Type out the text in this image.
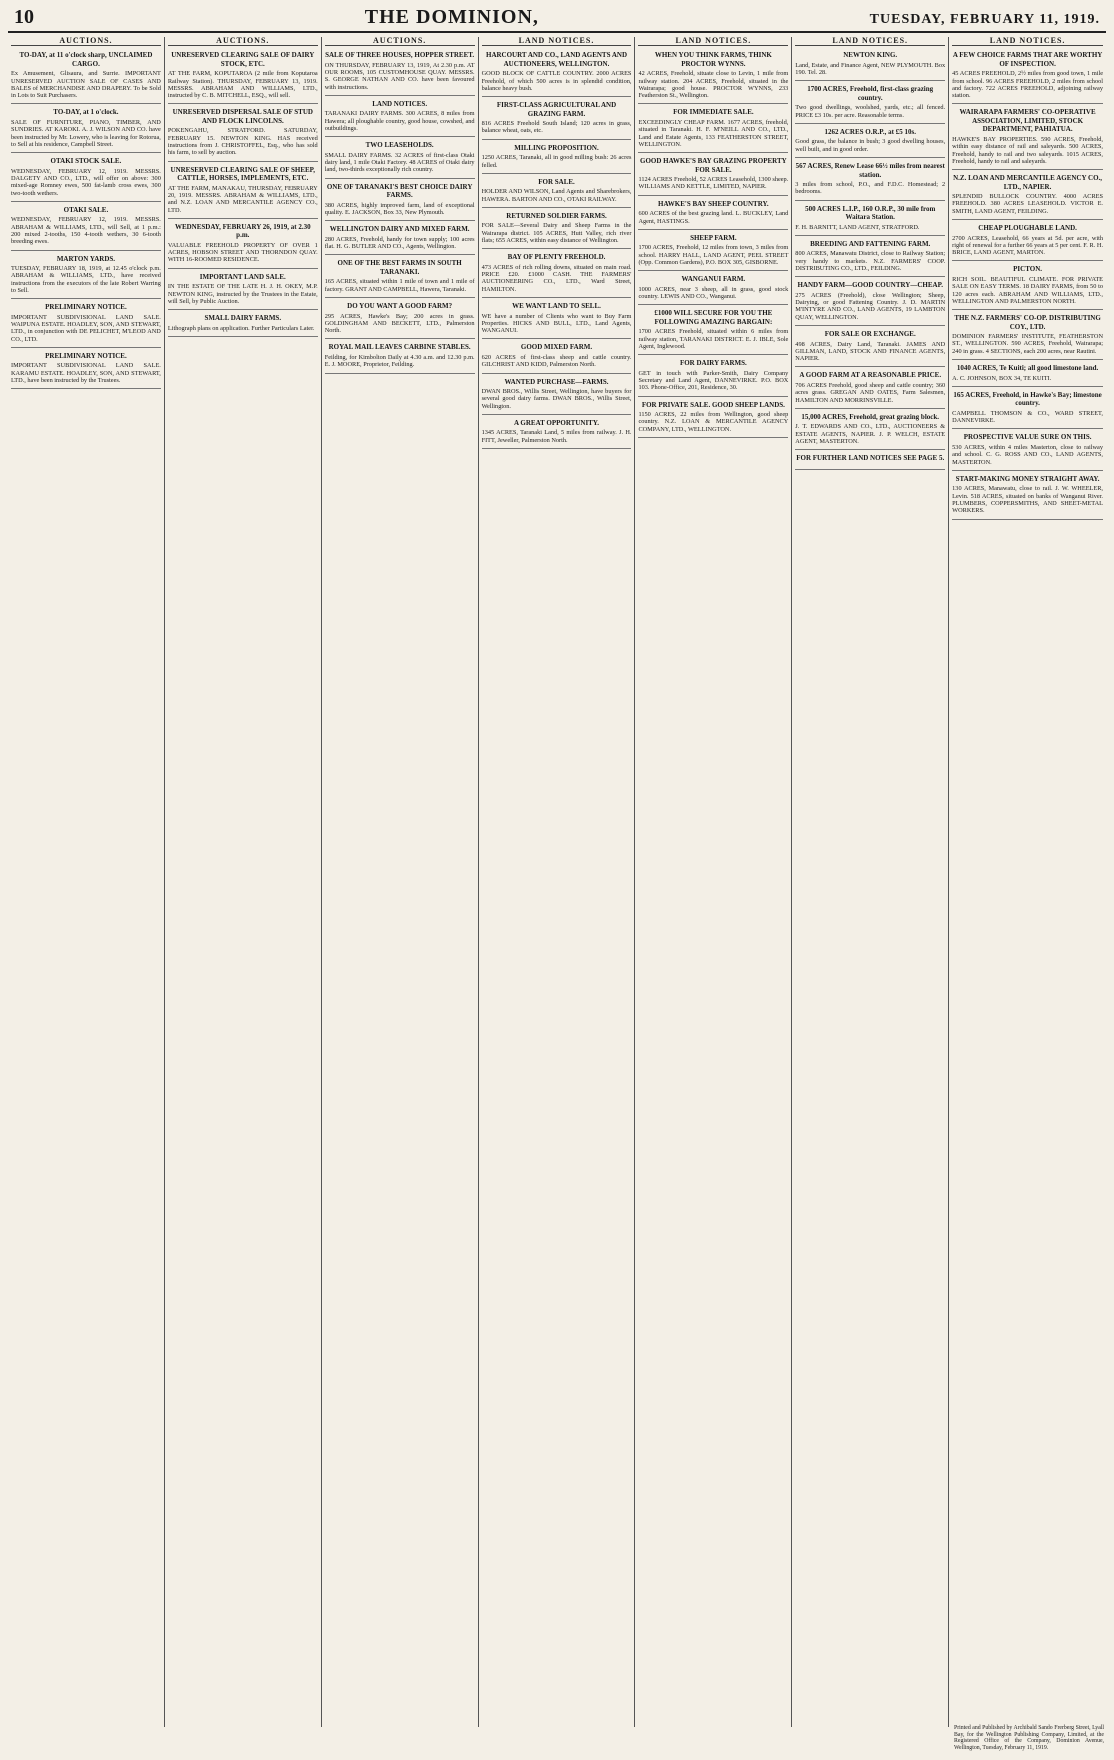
10	THE DOMINION,	TUESDAY, FEBRUARY 11, 1919.
AUCTIONS.
TO-DAY, at 11 o'clock sharp, UNCLAIMED CARGO.

Ex Amusement, Glisaura, and Surrie. IMPORTANT UNRESERVED AUCTION SALE OF CASES AND BALES of MERCHANDISE AND DRAPERY. To be Sold in Lots to Suit Purchasers.

TO-DAY, at 1 o'clock.

SALE OF FURNITURE, PIANO, TIMBER, AND SUNDRIES. AT KAROKI. A. J. WILSON AND CO. have been instructed by Mr. Lowery, who is leaving for Rotorua, to Sell at his residence, Campbell Street.

OTAKI STOCK SALE.

WEDNESDAY, FEBRUARY 12, 1919. MESSRS. DALGETY AND CO., LTD., will offer on above: 300 mixed-age Romney ewes, 500 fat-lamb cross ewes, 300 two-tooth wethers.

OTAKI SALE.

WEDNESDAY, FEBRUARY 12, 1919. MESSRS. ABRAHAM & WILLIAMS, LTD., will Sell, at 1 p.m.: 200 mixed 2-tooths, 150 4-tooth wethers, 30 6-tooth breeding ewes.

MARTON YARDS.

TUESDAY, FEBRUARY 18, 1919, at 12.45 o'clock p.m. ABRAHAM & WILLIAMS, LTD., have received instructions from the executors of the late Robert Warring to Sell.

PRELIMINARY NOTICE.

IMPORTANT SUBDIVISIONAL LAND SALE. WAIPUNA ESTATE. HOADLEY, SON, AND STEWART, LTD., in conjunction with DE PELICHET, M'LEOD AND CO., LTD.

PRELIMINARY NOTICE.

IMPORTANT SUBDIVISIONAL LAND SALE. KARAMU ESTATE. HOADLEY, SON, AND STEWART, LTD., have been instructed by the Trustees.

AUCTIONS.
UNRESERVED CLEARING SALE OF DAIRY STOCK, ETC.

AT THE FARM, KOPUTAROA (2 mile from Koputaroa Railway Station). THURSDAY, FEBRUARY 13, 1919. MESSRS. ABRAHAM AND WILLIAMS, LTD., instructed by C. B. MITCHELL, ESQ., will sell.

UNRESERVED DISPERSAL SALE OF STUD AND FLOCK LINCOLNS.

POKENGAHU, STRATFORD. SATURDAY, FEBRUARY 15. NEWTON KING. HAS received instructions from J. CHRISTOFFEL, Esq., who has sold his farm, to sell by auction.

UNRESERVED CLEARING SALE OF SHEEP, CATTLE, HORSES, IMPLEMENTS, ETC.

AT THE FARM, MANAKAU, THURSDAY, FEBRUARY 20, 1919. MESSRS. ABRAHAM & WILLIAMS, LTD., and N.Z. LOAN AND MERCANTILE AGENCY CO., LTD.

WEDNESDAY, FEBRUARY 26, 1919, at 2.30 p.m.

VALUABLE FREEHOLD PROPERTY OF OVER 1 ACRES, HOBSON STREET AND THORNDON QUAY. WITH 16-ROOMED RESIDENCE.

IMPORTANT LAND SALE.

IN THE ESTATE OF THE LATE H. J. H. OKEY, M.P. NEWTON KING, instructed by the Trustees in the Estate, will Sell, by Public Auction.

SMALL DAIRY FARMS.

Lithograph plans on application. Further Particulars Later.

AUCTIONS.
SALE OF THREE HOUSES, HOPPER STREET.

ON THURSDAY, FEBRUARY 13, 1919, At 2.30 p.m. AT OUR ROOMS, 105 CUSTOMHOUSE QUAY. MESSRS. S. GEORGE NATHAN AND CO. have been favoured with instructions.

LAND NOTICES.

TARANAKI DAIRY FARMS. 300 ACRES, 8 miles from Hawera; all ploughable country, good house, cowshed, and outbuildings.

TWO LEASEHOLDS.

SMALL DAIRY FARMS. 32 ACRES of first-class Otaki dairy land, 1 mile Otaki Factory. 48 ACRES of Otaki dairy land, two-thirds exceptionally rich country.

ONE OF TARANAKI'S BEST CHOICE DAIRY FARMS.

380 ACRES, highly improved farm, land of exceptional quality. E. JACKSON, Box 33, New Plymouth.

WELLINGTON DAIRY AND MIXED FARM.

280 ACRES, Freehold, handy for town supply; 100 acres flat. H. G. BUTLER AND CO., Agents, Wellington.

ONE OF THE BEST FARMS IN SOUTH TARANAKI.

165 ACRES, situated within 1 mile of town and 1 mile of factory. GRANT AND CAMPBELL, Hawera, Taranaki.

DO YOU WANT A GOOD FARM?

295 ACRES, Hawke's Bay; 200 acres in grass. GOLDINGHAM AND BECKETT, LTD., Palmerston North.

ROYAL MAIL LEAVES CARBINE STABLES.

Feilding, for Kimbolton Daily at 4.30 a.m. and 12.30 p.m. E. J. MOORE, Proprietor, Feilding.

LAND NOTICES.
HARCOURT AND CO., LAND AGENTS AND AUCTIONEERS, WELLINGTON.

GOOD BLOCK OF CATTLE COUNTRY. 2000 ACRES Freehold, of which 500 acres is in splendid condition, balance heavy bush.

FIRST-CLASS AGRICULTURAL AND GRAZING FARM.

816 ACRES Freehold South Island; 120 acres in grass, balance wheat, oats, etc.

MILLING PROPOSITION.

1250 ACRES, Taranaki, all in good milling bush: 26 acres felled.

FOR SALE.

HOLDER AND WILSON, Land Agents and Sharebrokers, HAWERA. BARTON AND CO., OTAKI RAILWAY.

RETURNED SOLDIER FARMS.

FOR SALE—Several Dairy and Sheep Farms in the Wairarapa district. 105 ACRES, Hutt Valley, rich river flats; 655 ACRES, within easy distance of Wellington.

BAY OF PLENTY FREEHOLD.

473 ACRES of rich rolling downs, situated on main road. PRICE £20. £1000 CASH. THE FARMERS' AUCTIONEERING CO., LTD., Ward Street, HAMILTON.

WE WANT LAND TO SELL.

WE have a number of Clients who want to Buy Farm Properties. HICKS AND BULL, LTD., Land Agents, WANGANUI.

GOOD MIXED FARM.

620 ACRES of first-class sheep and cattle country. GILCHRIST AND KIDD, Palmerston North.

WANTED PURCHASE—FARMS.

DWAN BROS., Willis Street, Wellington, have buyers for several good dairy farms. DWAN BROS., Willis Street, Wellington.

A GREAT OPPORTUNITY.

1345 ACRES, Taranaki Land, 5 miles from railway. J. H. FITT, Jeweller, Palmerston North.

LAND NOTICES.
WHEN YOU THINK FARMS, THINK PROCTOR WYNNS.

42 ACRES, Freehold, situate close to Levin, 1 mile from railway station. 204 ACRES, Freehold, situated in the Wairarapa; good house. PROCTOR WYNNS, 233 Featherston St., Wellington.

FOR IMMEDIATE SALE.

EXCEEDINGLY CHEAP FARM. 1677 ACRES, freehold, situated in Taranaki. H. F. M'NEILL AND CO., LTD., Land and Estate Agents, 133 FEATHERSTON STREET, WELLINGTON.

GOOD HAWKE'S BAY GRAZING PROPERTY FOR SALE.

1124 ACRES Freehold, 52 ACRES Leasehold, 1300 sheep. WILLIAMS AND KETTLE, LIMITED, NAPIER.

HAWKE'S BAY SHEEP COUNTRY.

600 ACRES of the best grazing land. L. BUCKLEY, Land Agent, HASTINGS.

SHEEP FARM.

1700 ACRES, Freehold, 12 miles from town, 3 miles from school. HARRY HALL, LAND AGENT, PEEL STREET (Opp. Common Gardens), P.O. BOX 305, GISBORNE.

WANGANUI FARM.

1000 ACRES, near 3 sheep, all in grass, good stock country. LEWIS AND CO., Wanganui.

£1000 WILL SECURE FOR YOU THE FOLLOWING AMAZING BARGAIN:

1700 ACRES Freehold, situated within 6 miles from railway station, TARANAKI DISTRICT. E. J. IBLE, Sole Agent, Inglewood.

FOR DAIRY FARMS.

GET in touch with Parker-Smith, Dairy Company Secretary and Land Agent, DANNEVIRKE. P.O. BOX 103. Phone-Office, 201, Residence, 30.

FOR PRIVATE SALE. GOOD SHEEP LANDS.

1150 ACRES, 22 miles from Wellington, good sheep country. N.Z. LOAN & MERCANTILE AGENCY COMPANY, LTD., WELLINGTON.

LAND NOTICES.
NEWTON KING.

Land, Estate, and Finance Agent, NEW PLYMOUTH. Box 190. Tel. 28.

1700 ACRES, Freehold, first-class grazing country.

Two good dwellings, woolshed, yards, etc.; all fenced. PRICE £3 10s. per acre. Reasonable terms.

1262 ACRES O.R.P., at £5 10s.

Good grass, the balance in bush; 3 good dwelling houses, well built, and in good order.

567 ACRES, Renew Lease 66½ miles from nearest station.

3 miles from school, P.O., and F.D.C. Homestead; 2 bedrooms.

500 ACRES L.I.P., 160 O.R.P., 30 mile from Waitara Station.

F. H. BARNITT, LAND AGENT, STRATFORD.

BREEDING AND FATTENING FARM.

800 ACRES, Manawatu District, close to Railway Station; very handy to markets. N.Z. FARMERS' COOP. DISTRIBUTING CO., LTD., FEILDING.

HANDY FARM—GOOD COUNTRY—CHEAP.

275 ACRES (Freehold), close Wellington; Sheep, Dairying, or good Fattening Country. J. D. MARTIN M'INTYRE AND CO., LAND AGENTS, 19 LAMBTON QUAY, WELLINGTON.

FOR SALE OR EXCHANGE.

498 ACRES, Dairy Land, Taranaki. JAMES AND GILLMAN, LAND, STOCK AND FINANCE AGENTS, NAPIER.

A GOOD FARM AT A REASONABLE PRICE.

706 ACRES Freehold, good sheep and cattle country; 360 acres grass. GREGAN AND OATES, Farm Salesmen, HAMILTON AND MORRINSVILLE.

15,000 ACRES, Freehold, great grazing block.

J. T. EDWARDS AND CO., LTD., AUCTIONEERS & ESTATE AGENTS, NAPIER. J. P. WELCH, ESTATE AGENT, MASTERTON.

FOR FURTHER LAND NOTICES SEE PAGE 5.

LAND NOTICES.
A FEW CHOICE FARMS THAT ARE WORTHY OF INSPECTION.

45 ACRES FREEHOLD, 2½ miles from good town, 1 mile from school. 96 ACRES FREEHOLD, 2 miles from school and factory. 722 ACRES FREEHOLD, adjoining railway station.

WAIRARAPA FARMERS' CO-OPERATIVE ASSOCIATION, LIMITED, STOCK DEPARTMENT, PAHIATUA.

HAWKE'S BAY PROPERTIES. 590 ACRES, Freehold, within easy distance of rail and saleyards. 500 ACRES, Freehold, handy to rail and two saleyards. 1015 ACRES, Freehold, handy to rail and saleyards.

N.Z. LOAN AND MERCANTILE AGENCY CO., LTD., NAPIER.

SPLENDID BULLOCK COUNTRY. 4000 ACRES FREEHOLD. 380 ACRES LEASEHOLD. VICTOR E. SMITH, LAND AGENT, FEILDING.

CHEAP PLOUGHABLE LAND.

2700 ACRES, Leasehold, 66 years at 5d. per acre, with right of renewal for a further 66 years at 5 per cent. F. R. H. BRICE, LAND AGENT, MARTON.

PICTON.

RICH SOIL. BEAUTIFUL CLIMATE. FOR PRIVATE SALE ON EASY TERMS. 18 DAIRY FARMS, from 50 to 120 acres each. ABRAHAM AND WILLIAMS, LTD., WELLINGTON AND PALMERSTON NORTH.

THE N.Z. FARMERS' CO-OP. DISTRIBUTING COY., LTD.

DOMINION FARMERS' INSTITUTE, FEATHERSTON ST., WELLINGTON. 590 ACRES, Freehold, Wairarapa; 240 in grass. 4 SECTIONS, each 200 acres, near Rautini.

1040 ACRES, Te Kuiti; all good limestone land.

A. C. JOHNSON, BOX 34, TE KUITI.

165 ACRES, Freehold, in Hawke's Bay; limestone country.

CAMPBELL THOMSON & CO., WARD STREET, DANNEVIRKE.

PROSPECTIVE VALUE SURE ON THIS.

530 ACRES, within 4 miles Masterton, close to railway and school. C. G. ROSS AND CO., LAND AGENTS, MASTERTON.

START-MAKING MONEY STRAIGHT AWAY.

130 ACRES, Manawatu, close to rail. J. W. WHEELER, Levin. 518 ACRES, situated on banks of Wanganui River. PLUMBERS, COPPERSMITHS, AND SHEET-METAL WORKERS.

Printed and Published by Archibald Sando Frerberg Street, Lyall Bay, for the Wellington Publishing Company, Limited, at the Registered Office of the Company, Dominion Avenue, Wellington, Tuesday, February 11, 1919.
